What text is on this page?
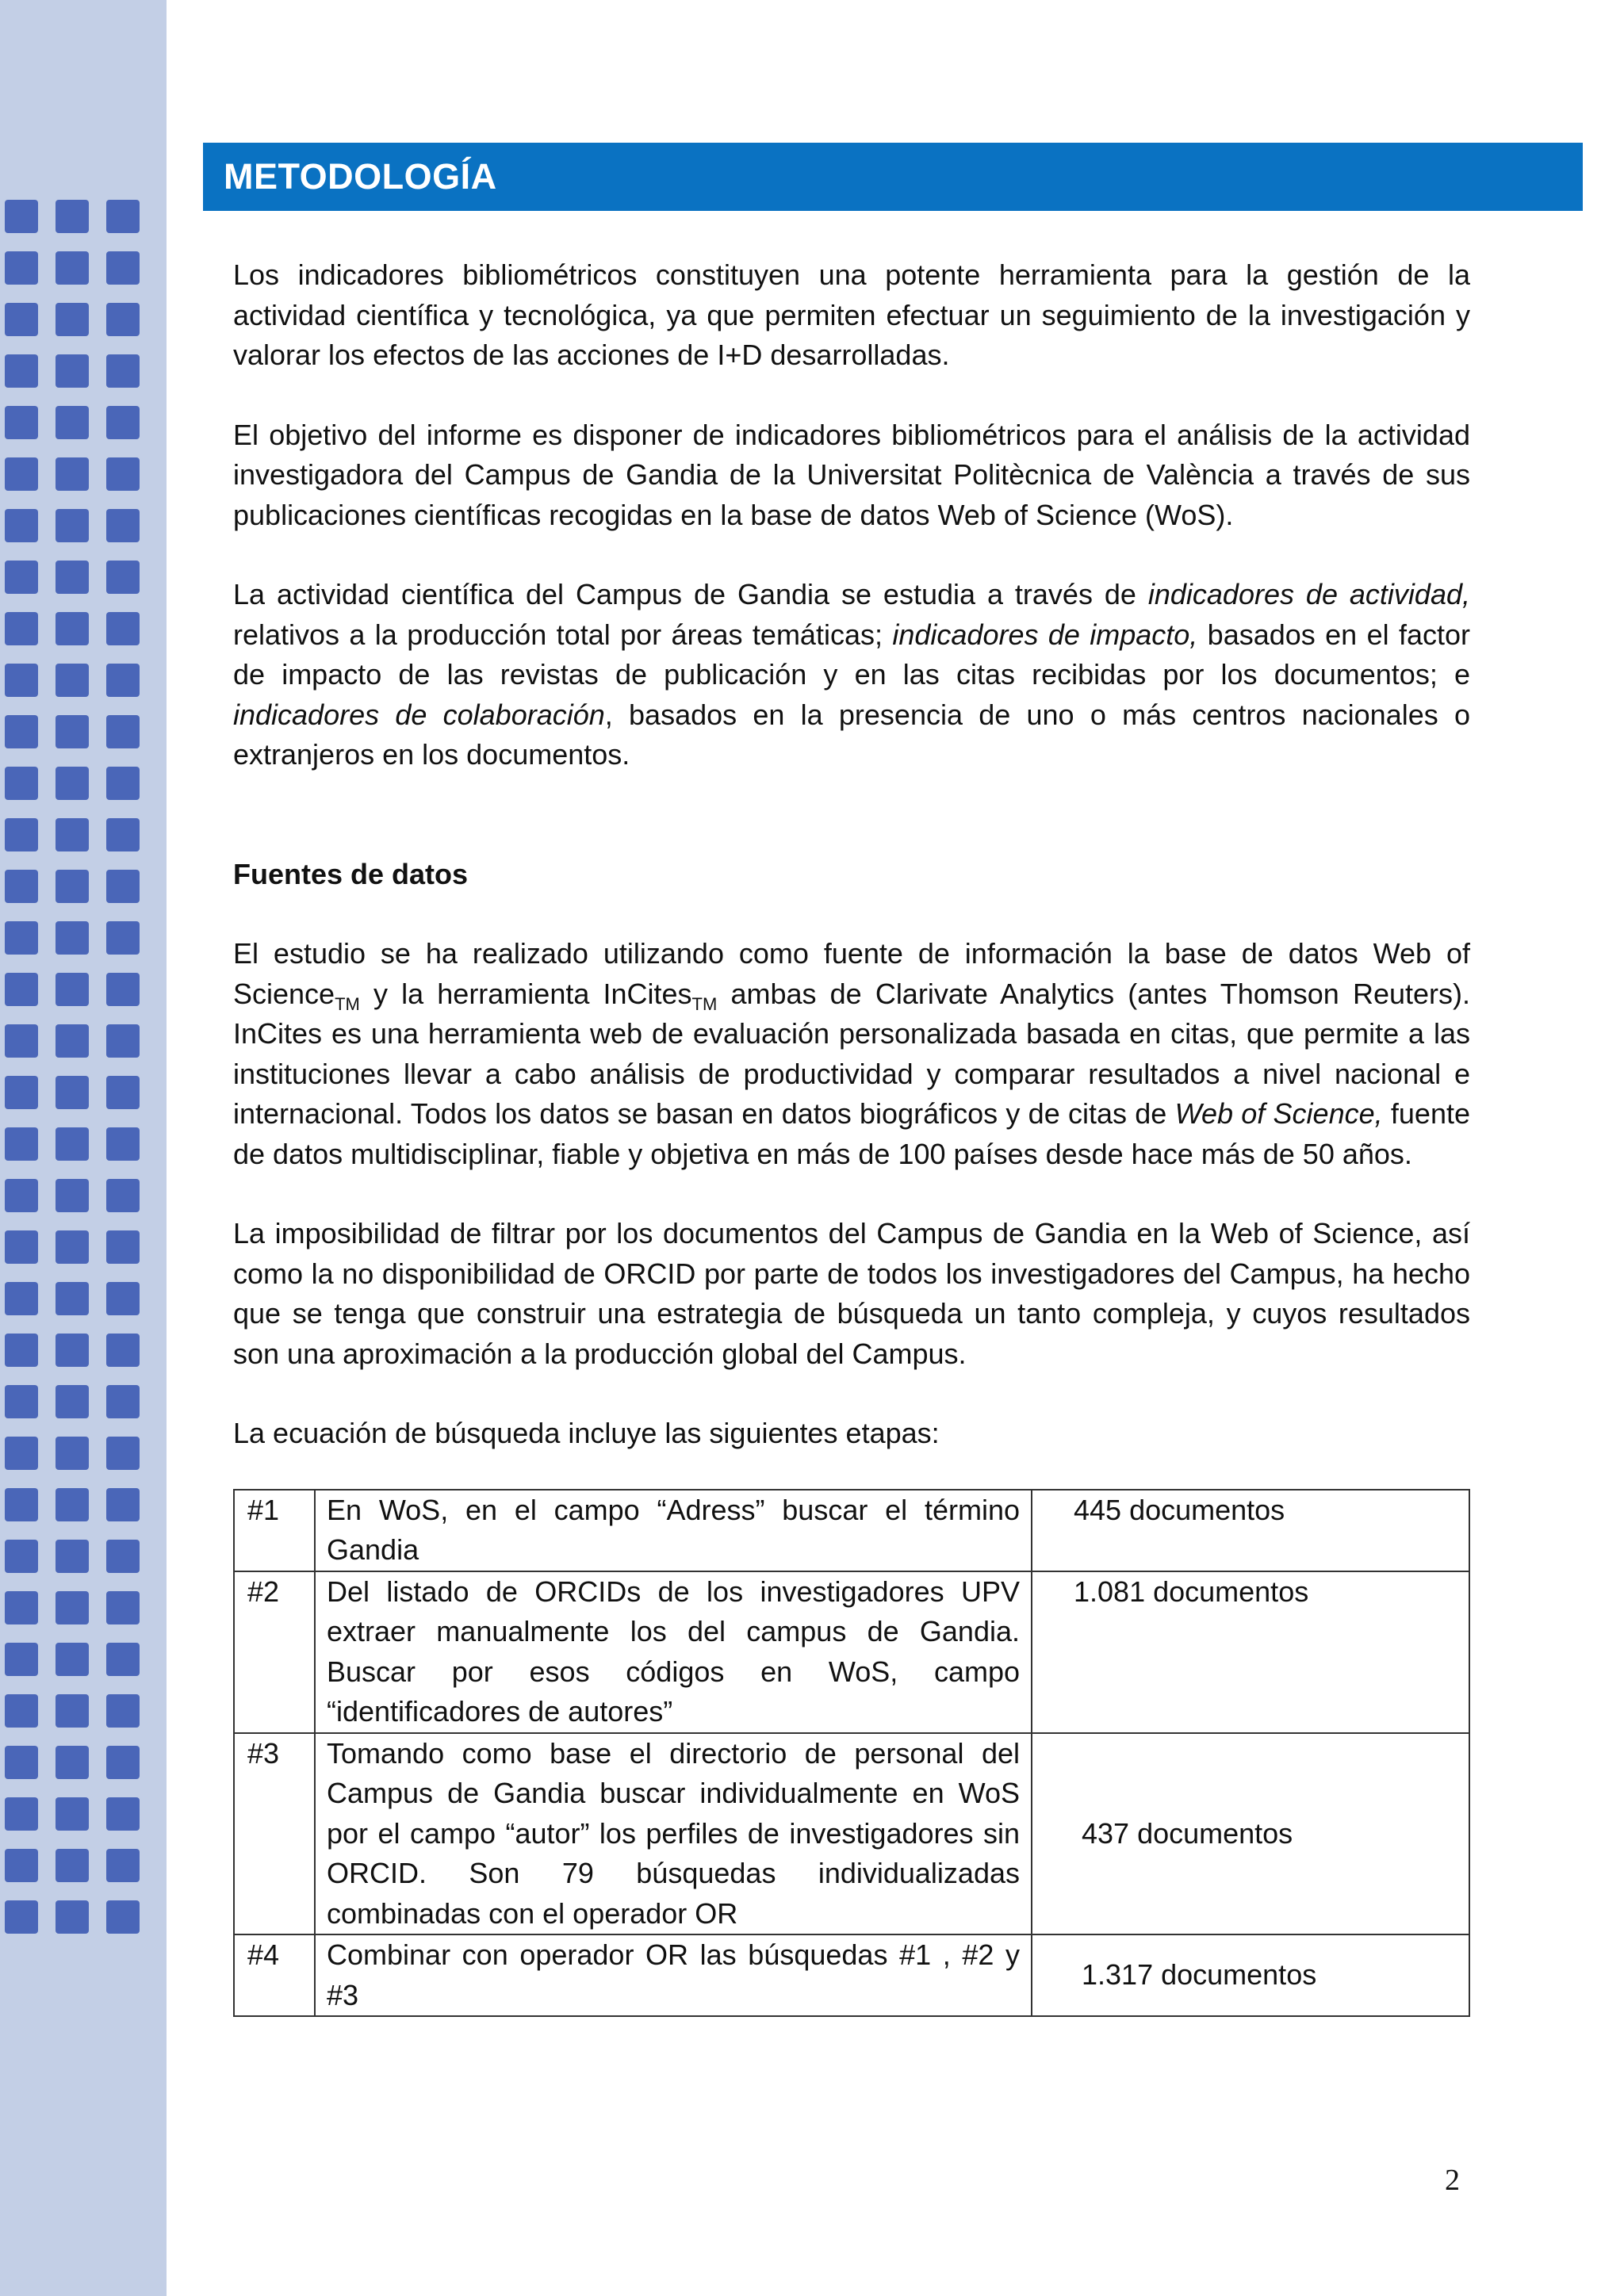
METODOLOGÍA

Los indicadores bibliométricos constituyen una potente herramienta para la gestión de la actividad científica y tecnológica, ya que permiten efectuar un seguimiento de la investigación y valorar los efectos de las acciones de I+D desarrolladas.

El objetivo del informe es disponer de indicadores bibliométricos para el análisis de la actividad investigadora del Campus de Gandia de la Universitat Politècnica de València a través de sus publicaciones científicas recogidas en la base de datos Web of Science (WoS).

La actividad científica del Campus de Gandia se estudia a través de indicadores de actividad, relativos a la producción total por áreas temáticas; indicadores de impacto, basados en el factor de impacto de las revistas de publicación y en las citas recibidas por los documentos; e indicadores de colaboración, basados en la presencia de uno o más centros nacionales o extranjeros en los documentos.

Fuentes de datos

El estudio se ha realizado utilizando como fuente de información la base de datos Web of Science$_{TM}$ y la herramienta InCites$_{TM}$ ambas de Clarivate Analytics (antes Thomson Reuters). InCites es una herramienta web de evaluación personalizada basada en citas, que permite a las instituciones llevar a cabo análisis de productividad y comparar resultados a nivel nacional e internacional. Todos los datos se basan en datos biográficos y de citas de Web of Science, fuente de datos multidisciplinar, fiable y objetiva en más de 100 países desde hace más de 50 años.

La imposibilidad de filtrar por los documentos del Campus de Gandia en la Web of Science, así como la no disponibilidad de ORCID por parte de todos los investigadores del Campus, ha hecho que se tenga que construir una estrategia de búsqueda un tanto compleja, y cuyos resultados son una aproximación a la producción global del Campus.

La ecuación de búsqueda incluye las siguientes etapas:

#1	En WoS, en el campo “Adress” buscar el término Gandia	445 documentos
#2	Del listado de ORCIDs de los investigadores UPV extraer manualmente los del campus de Gandia. Buscar por esos códigos en WoS, campo “identificadores de autores”	1.081 documentos
#3	Tomando como base el directorio de personal del Campus de Gandia buscar individualmente en WoS por el campo “autor” los perfiles de investigadores sin ORCID. Son 79 búsquedas individualizadas combinadas con el operador OR	437 documentos
#4	Combinar con operador OR las búsquedas #1 , #2 y #3	1.317 documentos
2
